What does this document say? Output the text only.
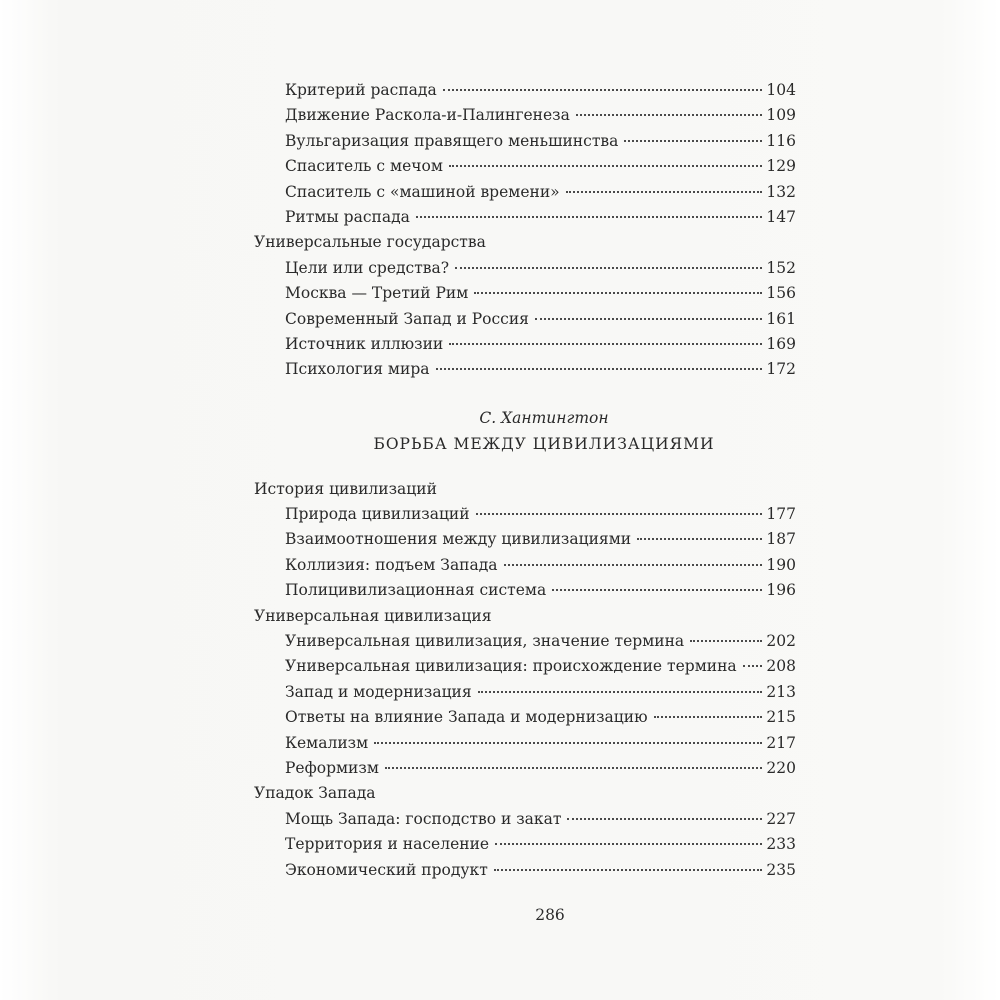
Критерий распада	104
Движение Раскола-и-Палингенеза	109
Вульгаризация правящего меньшинства	116
Спаситель с мечом	129
Спаситель с «машиной времени»	132
Ритмы распада	147
Универсальные государства
Цели или средства?	152
Москва — Третий Рим	156
Современный Запад и Россия	161
Источник иллюзии	169
Психология мира	172
С. Хантингтон
БОРЬБА МЕЖДУ ЦИВИЛИЗАЦИЯМИ
История цивилизаций
Природа цивилизаций	177
Взаимоотношения между цивилизациями	187
Коллизия: подъем Запада	190
Полицивилизационная система	196
Универсальная цивилизация
Универсальная цивилизация, значение термина	202
Универсальная цивилизация: происхождение термина 208
Запад и модернизация	213
Ответы на влияние Запада и модернизацию	215
Кемализм	217
Реформизм	220
Упадок Запада
Мощь Запада: господство и закат	227
Территория и население	233
Экономический продукт	235
286
